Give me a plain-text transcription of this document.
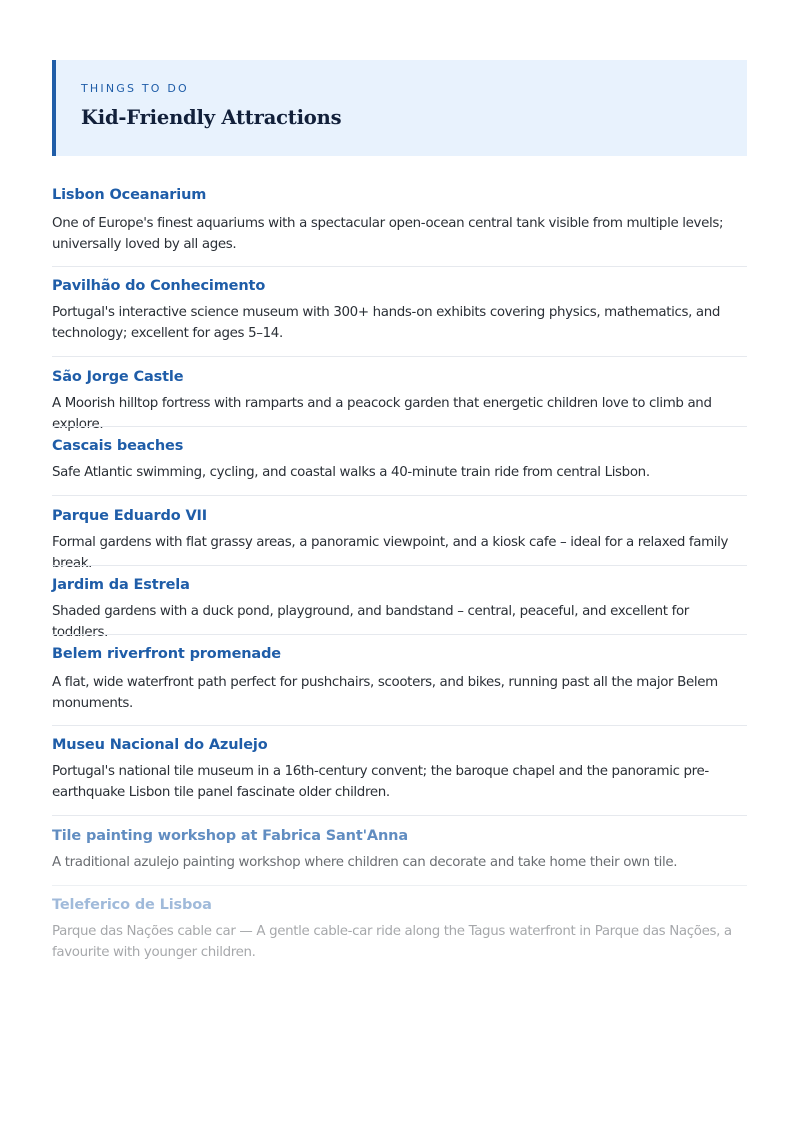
THINGS TO DO
Kid-Friendly Attractions
Lisbon Oceanarium
One of Europe's finest aquariums with a spectacular open-ocean central tank visible from multiple levels; universally loved by all ages.
Pavilhão do Conhecimento
Portugal's interactive science museum with 300+ hands-on exhibits covering physics, mathematics, and technology; excellent for ages 5–14.
São Jorge Castle
A Moorish hilltop fortress with ramparts and a peacock garden that energetic children love to climb and explore.
Cascais beaches
Safe Atlantic swimming, cycling, and coastal walks a 40-minute train ride from central Lisbon.
Parque Eduardo VII
Formal gardens with flat grassy areas, a panoramic viewpoint, and a kiosk cafe – ideal for a relaxed family break.
Jardim da Estrela
Shaded gardens with a duck pond, playground, and bandstand – central, peaceful, and excellent for toddlers.
Belem riverfront promenade
A flat, wide waterfront path perfect for pushchairs, scooters, and bikes, running past all the major Belem monuments.
Museu Nacional do Azulejo
Portugal's national tile museum in a 16th-century convent; the baroque chapel and the panoramic pre-earthquake Lisbon tile panel fascinate older children.
Tile painting workshop at Fabrica Sant'Anna
A traditional azulejo painting workshop where children can decorate and take home their own tile.
Teleferico de Lisboa
Parque das Nações cable car — A gentle cable-car ride along the Tagus waterfront in Parque das Nações, a favourite with younger children.
